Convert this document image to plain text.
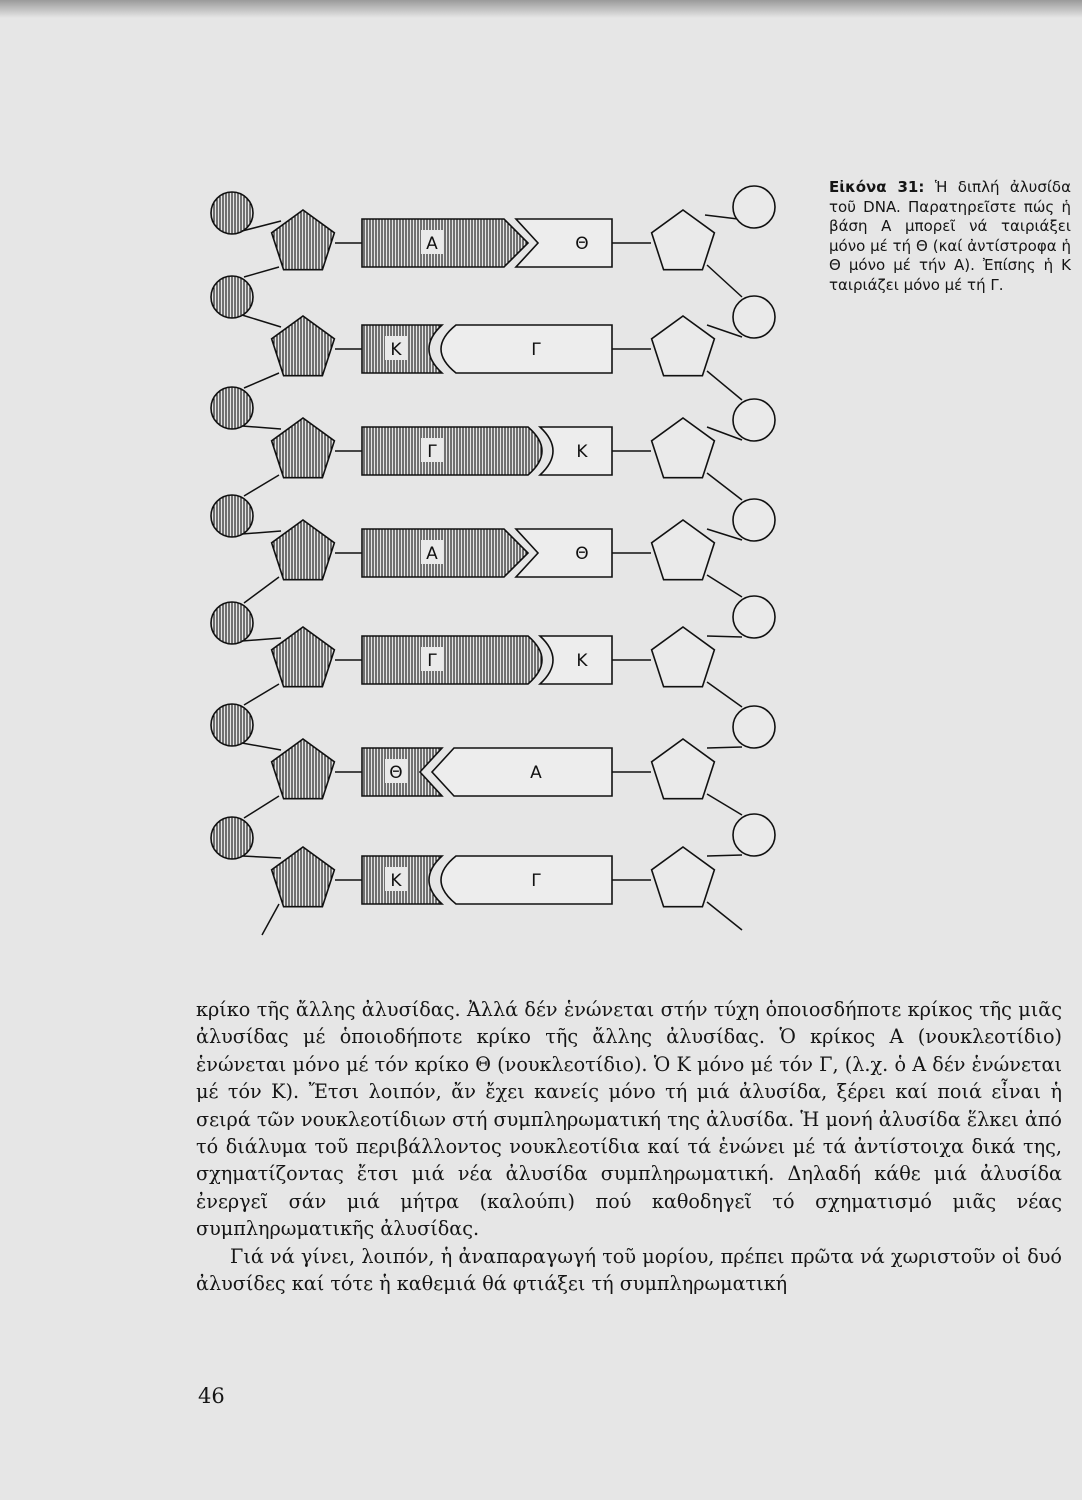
Α	Θ
Κ	Γ
Γ	Κ
Α	Θ
Γ	Κ
Θ	Α
Κ	Γ
Εἰκόνα 31: Ἡ διπλή ἀλυσίδα τοῦ DNA. Παρατηρεῖστε πώς ἡ βάση Α μπορεῖ νά ταιριάξει μόνο μέ τή Θ (καί ἀντίστροφα ἡ Θ μόνο μέ τήν Α). Ἐπίσης ἡ Κ ταιριάζει μόνο μέ τή Γ.

κρίκο τῆς ἄλλης ἀλυσίδας. Ἀλλά δέν ἑνώνεται στήν τύχη ὁποιοσδήποτε κρίκος τῆς μιᾶς ἀλυσίδας μέ ὁποιοδήποτε κρίκο τῆς ἄλλης ἀλυσίδας. Ὁ κρίκος Α (νουκλεοτίδιο) ἑνώνεται μόνο μέ τόν κρίκο Θ (νουκλεοτίδιο). Ὁ Κ μόνο μέ τόν Γ, (λ.χ. ὁ Α δέν ἑνώνεται μέ τόν Κ). Ἔτσι λοιπόν, ἄν ἔχει κανείς μόνο τή μιά ἀλυσίδα, ξέρει καί ποιά εἶναι ἡ σειρά τῶν νουκλεοτίδιων στή συμπληρωματική της ἀλυσίδα. Ἡ μονή ἀλυσίδα ἕλκει ἀπό τό διάλυμα τοῦ περιβάλλοντος νουκλεοτίδια καί τά ἑνώνει μέ τά ἀντίστοιχα δικά της, σχηματίζοντας ἔτσι μιά νέα ἀλυσίδα συμπληρωματική. Δηλαδή κάθε μιά ἀλυσίδα ἐνεργεῖ σάν μιά μήτρα (καλούπι) πού καθοδηγεῖ τό σχηματισμό μιᾶς νέας συμπληρωματικῆς ἀλυσίδας.

Γιά νά γίνει, λοιπόν, ἡ ἀναπαραγωγή τοῦ μορίου, πρέπει πρῶτα νά χωριστοῦν οἱ δυό ἀλυσίδες καί τότε ἡ καθεμιά θά φτιάξει τή συμπληρωματική

46
